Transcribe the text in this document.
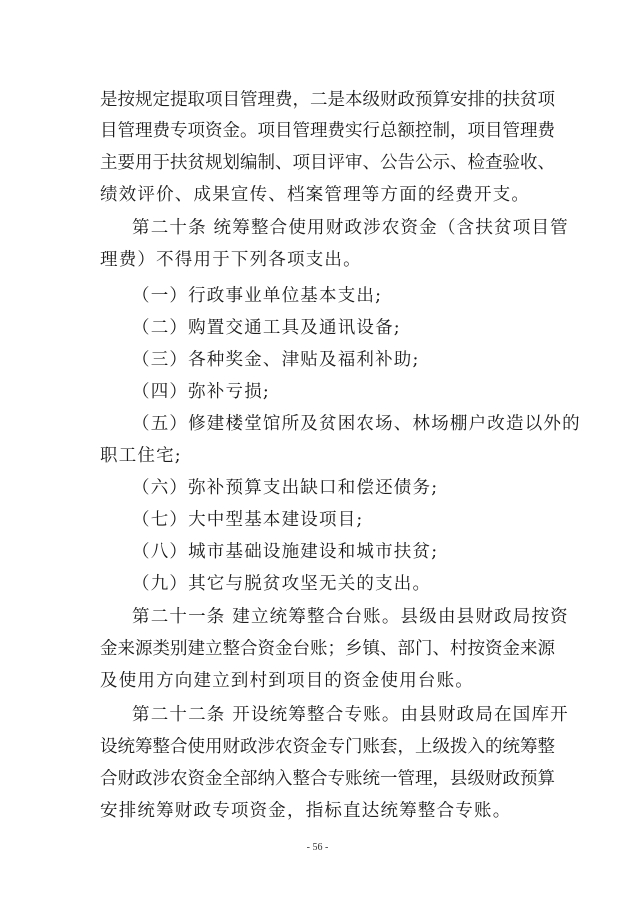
是按规定提取项目管理费，二是本级财政预算安排的扶贫项
目管理费专项资金。项目管理费实行总额控制，项目管理费
主要用于扶贫规划编制、项目评审、公告公示、检查验收、
绩效评价、成果宣传、档案管理等方面的经费开支。
第二十条 统筹整合使用财政涉农资金（含扶贫项目管
理费）不得用于下列各项支出。
（一）行政事业单位基本支出;
（二）购置交通工具及通讯设备;
（三）各种奖金、津贴及福利补助;
（四）弥补亏损;
（五）修建楼堂馆所及贫困农场、林场棚户改造以外的
职工住宅;
（六）弥补预算支出缺口和偿还债务;
（七）大中型基本建设项目;
（八）城市基础设施建设和城市扶贫;
（九）其它与脱贫攻坚无关的支出。
第二十一条 建立统筹整合台账。县级由县财政局按资
金来源类别建立整合资金台账；乡镇、部门、村按资金来源
及使用方向建立到村到项目的资金使用台账。
第二十二条 开设统筹整合专账。由县财政局在国库开
设统筹整合使用财政涉农资金专门账套，上级拨入的统筹整
合财政涉农资金全部纳入整合专账统一管理，县级财政预算
安排统筹财政专项资金，指标直达统筹整合专账。
- 56 -
